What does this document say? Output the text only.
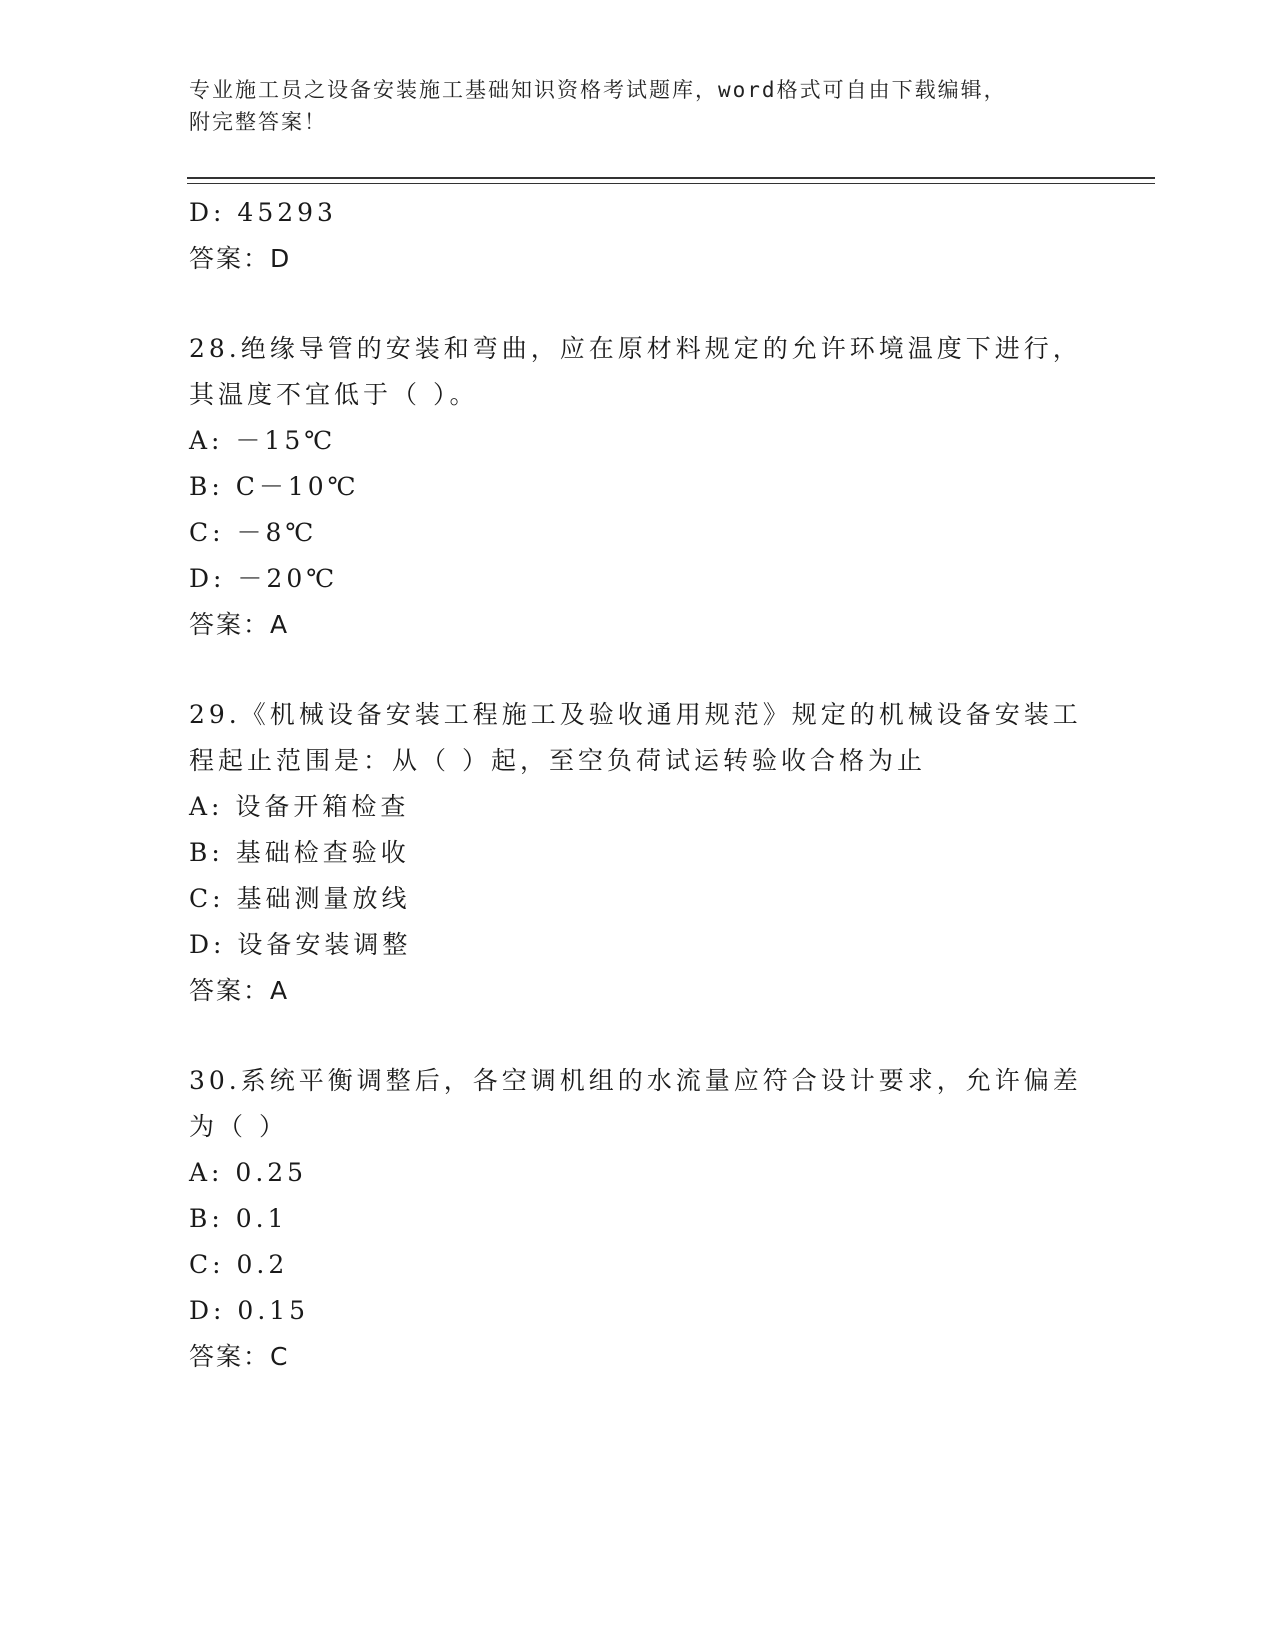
专业施工员之设备安装施工基础知识资格考试题库，word格式可自由下载编辑，
附完整答案！
D: 45293
答案：D
28.绝缘导管的安装和弯曲，应在原材料规定的允许环境温度下进行，
其温度不宜低于（ ）。
A: －15℃
B: C－10℃
C: －8℃
D: －20℃
答案：A
29.《机械设备安装工程施工及验收通用规范》规定的机械设备安装工
程起止范围是：从（ ）起，至空负荷试运转验收合格为止
A: 设备开箱检查
B: 基础检查验收
C: 基础测量放线
D: 设备安装调整
答案：A
30.系统平衡调整后，各空调机组的水流量应符合设计要求，允许偏差
为（ ）
A: 0.25
B: 0.1
C: 0.2
D: 0.15
答案：C
